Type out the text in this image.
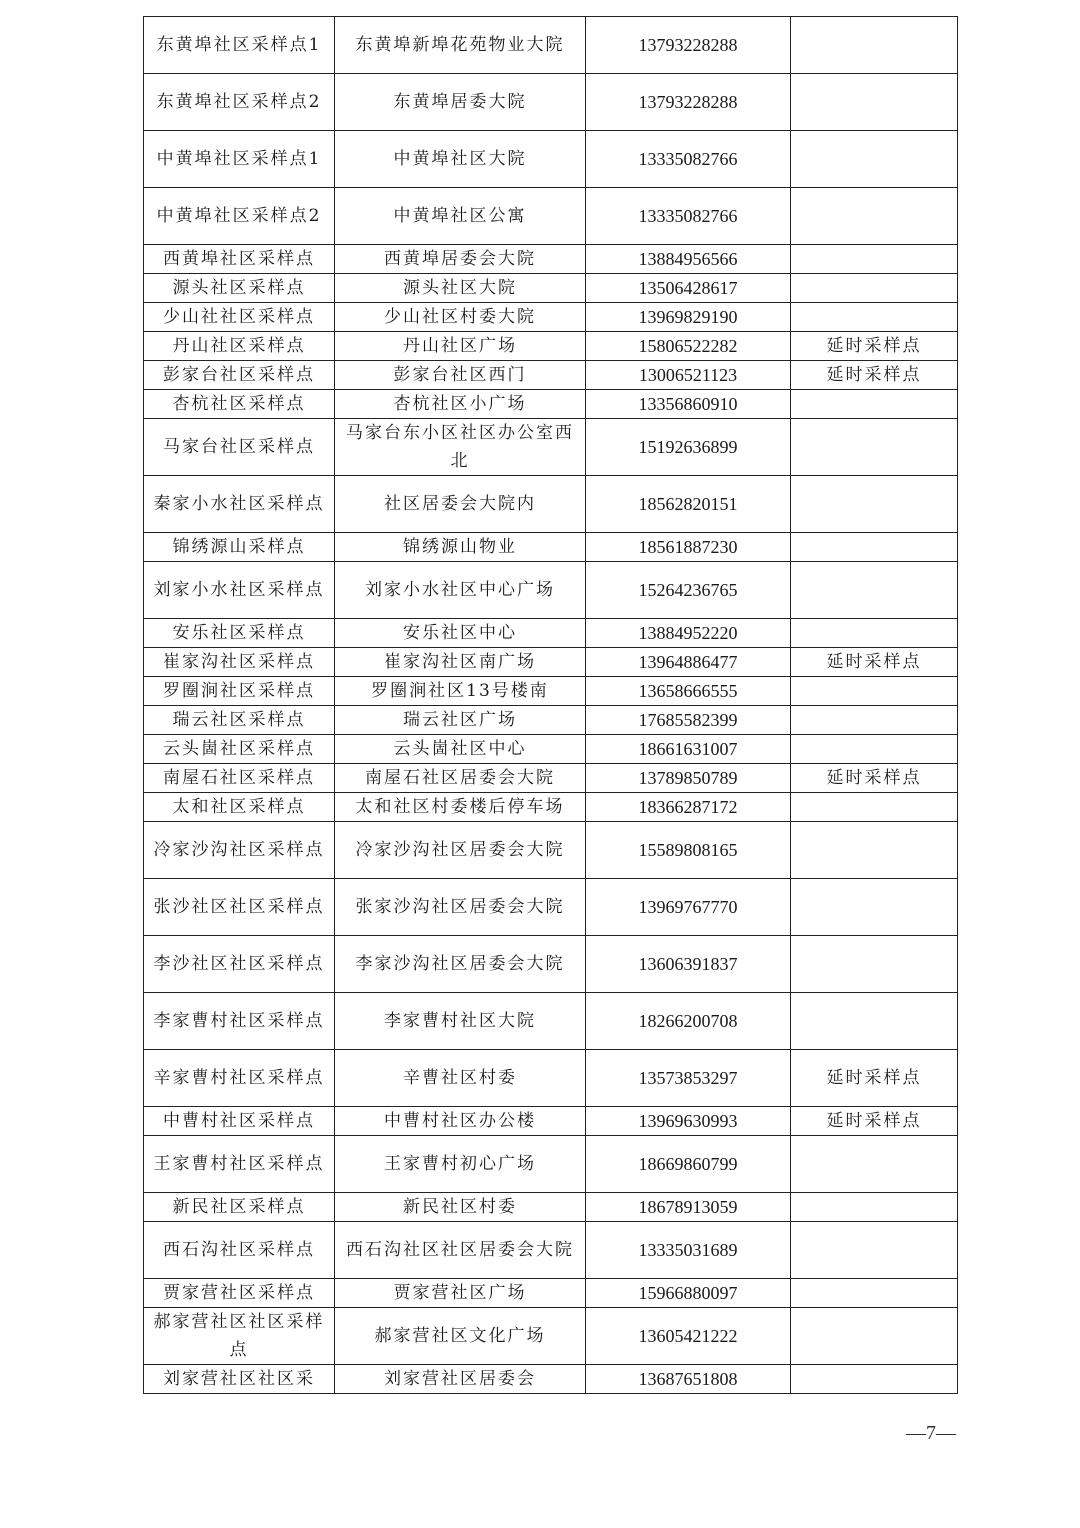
东黄埠社区采样点1	东黄埠新埠花苑物业大院	13793228288	
东黄埠社区采样点2	东黄埠居委大院	13793228288	
中黄埠社区采样点1	中黄埠社区大院	13335082766	
中黄埠社区采样点2	中黄埠社区公寓	13335082766	
西黄埠社区采样点	西黄埠居委会大院	13884956566	
源头社区采样点	源头社区大院	13506428617	
少山社社区采样点	少山社区村委大院	13969829190	
丹山社区采样点	丹山社区广场	15806522282	延时采样点
彭家台社区采样点	彭家台社区西门	13006521123	延时采样点
杏杭社区采样点	杏杭社区小广场	13356860910	
马家台社区采样点	马家台东小区社区办公室西北	15192636899	
秦家小水社区采样点	社区居委会大院内	18562820151	
锦绣源山采样点	锦绣源山物业	18561887230	
刘家小水社区采样点	刘家小水社区中心广场	15264236765	
安乐社区采样点	安乐社区中心	13884952220	
崔家沟社区采样点	崔家沟社区南广场	13964886477	延时采样点
罗圈涧社区采样点	罗圈涧社区13号楼南	13658666555	
瑞云社区采样点	瑞云社区广场	17685582399	
云头崮社区采样点	云头崮社区中心	18661631007	
南屋石社区采样点	南屋石社区居委会大院	13789850789	延时采样点
太和社区采样点	太和社区村委楼后停车场	18366287172	
冷家沙沟社区采样点	冷家沙沟社区居委会大院	15589808165	
张沙社区社区采样点	张家沙沟社区居委会大院	13969767770	
李沙社区社区采样点	李家沙沟社区居委会大院	13606391837	
李家曹村社区采样点	李家曹村社区大院	18266200708	
辛家曹村社区采样点	辛曹社区村委	13573853297	延时采样点
中曹村社区采样点	中曹村社区办公楼	13969630993	延时采样点
王家曹村社区采样点	王家曹村初心广场	18669860799	
新民社区采样点	新民社区村委	18678913059	
西石沟社区采样点	西石沟社区社区居委会大院	13335031689	
贾家营社区采样点	贾家营社区广场	15966880097	
郝家营社区社区采样点	郝家营社区文化广场	13605421222	
刘家营社区社区采	刘家营社区居委会	13687651808	
—7—
